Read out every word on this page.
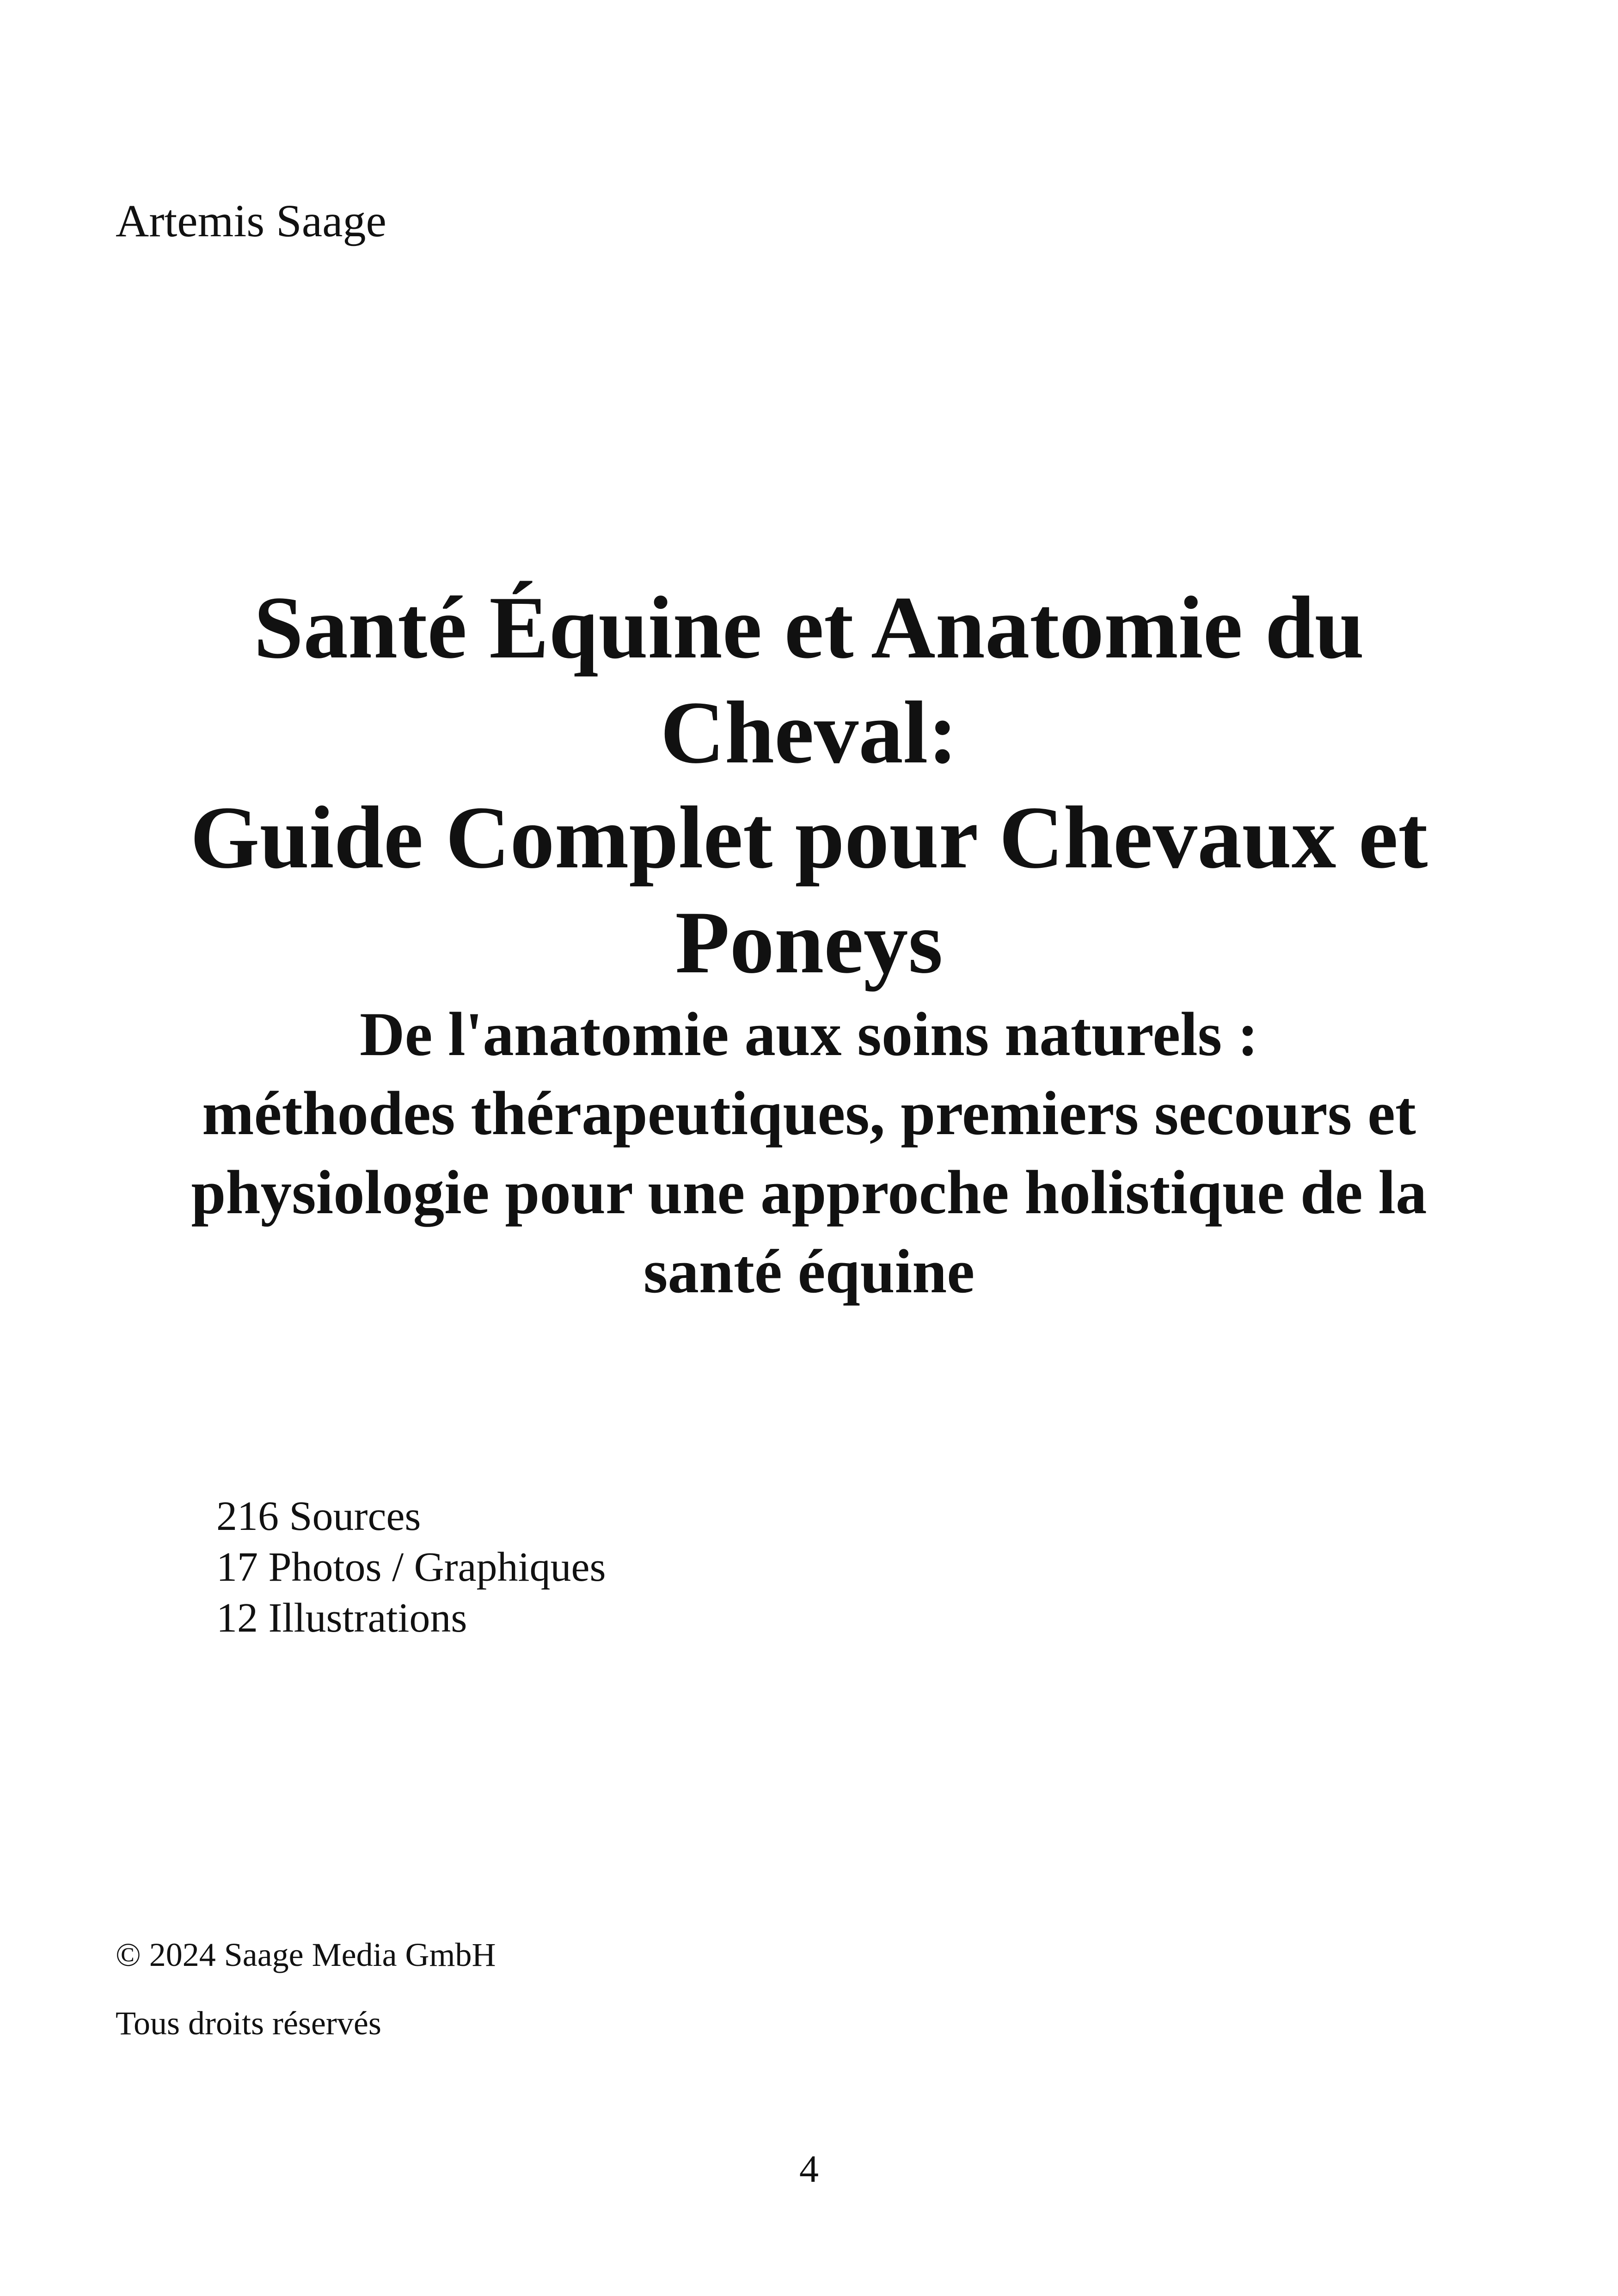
Artemis Saage
Santé Équine et Anatomie du
Cheval:
Guide Complet pour Chevaux et
Poneys
De l'anatomie aux soins naturels :
méthodes thérapeutiques, premiers secours et
physiologie pour une approche holistique de la
santé équine
216 Sources
17 Photos / Graphiques
12 Illustrations
© 2024 Saage Media GmbH
Tous droits réservés
4
